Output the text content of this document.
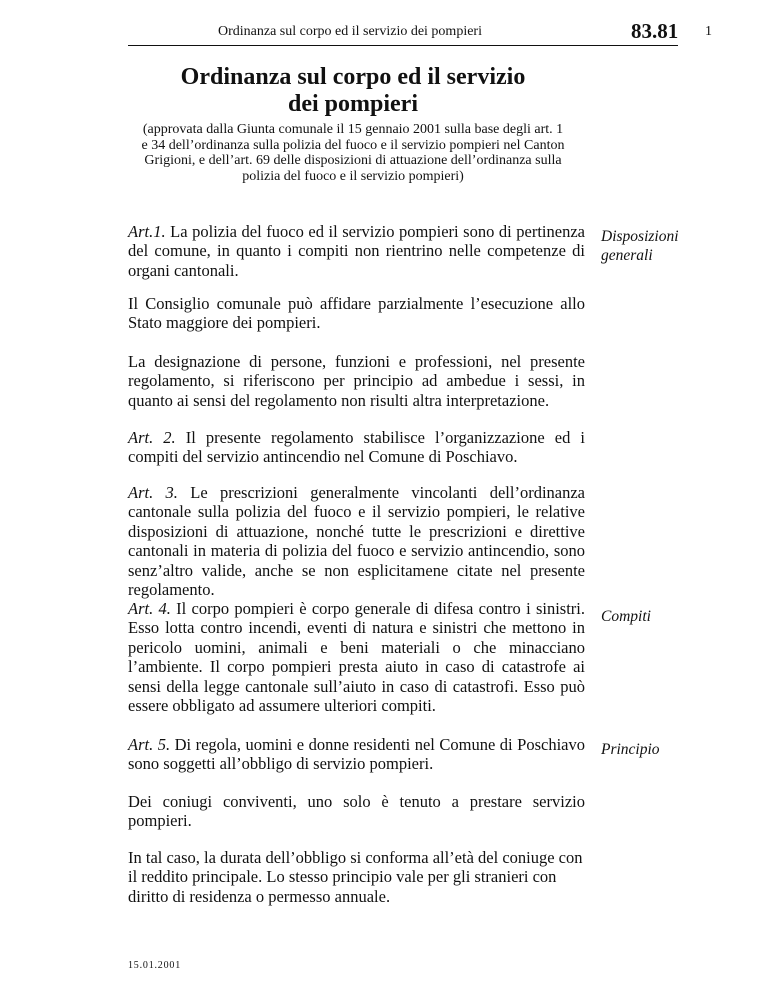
Ordinanza sul corpo ed il servizio dei pompieri	83.81 1
Ordinanza sul corpo ed il servizio
dei pompieri
(approvata dalla Giunta comunale il 15 gennaio 2001 sulla base degli art. 1
e 34 dell’ordinanza sulla polizia del fuoco e il servizio pompieri nel Canton
Grigioni, e dell’art. 69 delle disposizioni di attuazione dell’ordinanza sulla
polizia del fuoco e il servizio pompieri)

Art.1. La polizia del fuoco ed il servizio pompieri sono di pertinenza del comune, in quanto i compiti non rientrino nelle competenze di organi cantonali.

Il Consiglio comunale può affidare parzialmente l’esecuzione allo Stato maggiore dei pompieri.

La designazione di persone, funzioni e professioni, nel presente regolamento, si riferiscono per principio ad ambedue i sessi, in quanto ai sensi del regolamento non risulti altra interpretazione.

Art. 2. Il presente regolamento stabilisce l’organizzazione ed i compiti del servizio antincendio nel Comune di Poschiavo.

Art. 3. Le prescrizioni generalmente vincolanti dell’ordinanza cantonale sulla polizia del fuoco e il servizio pompieri, le relative disposizioni di attuazione, nonché tutte le prescrizioni e direttive cantonali in materia di polizia del fuoco e servizio antincendio, sono senz’altro valide, anche se non esplicitamene citate nel presente regolamento.

Art. 4. Il corpo pompieri è corpo generale di difesa contro i sinistri. Esso lotta contro incendi, eventi di natura e sinistri che mettono in pericolo uomini, animali e beni materiali o che minacciano l’ambiente. Il corpo pompieri presta aiuto in caso di catastrofe ai sensi della legge cantonale sull’aiuto in caso di catastrofi. Esso può essere obbligato ad assumere ulteriori compiti.

Art. 5. Di regola, uomini e donne residenti nel Comune di Poschiavo sono soggetti all’obbligo di servizio pompieri.

Dei coniugi conviventi, uno solo è tenuto a prestare servizio pompieri.

In tal caso, la durata dell’obbligo si conforma all’età del coniuge con il reddito principale. Lo stesso principio vale per gli stranieri con diritto di residenza o permesso annuale.

Disposizioni
generali
Compiti
Principio
15.01.2001
